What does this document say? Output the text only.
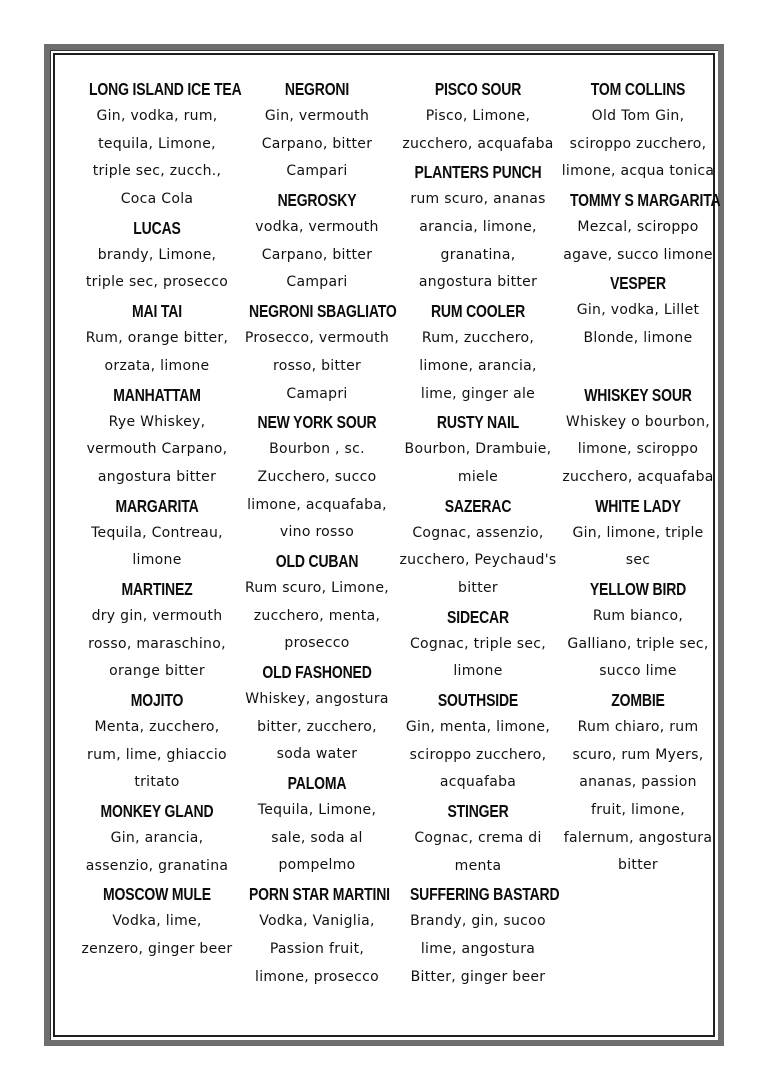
LONG ISLAND ICE TEA
Gin, vodka, rum,
tequila, Limone,
triple sec, zucch.,
Coca Cola
LUCAS
brandy, Limone,
triple sec, prosecco
MAI TAI
Rum, orange bitter,
orzata, limone
MANHATTAM
Rye Whiskey,
vermouth Carpano,
angostura bitter
MARGARITA
Tequila, Contreau,
limone
MARTINEZ
dry gin, vermouth
rosso, maraschino,
orange bitter
MOJITO
Menta, zucchero,
rum, lime, ghiaccio
tritato
MONKEY GLAND
Gin, arancia,
assenzio, granatina
MOSCOW MULE
Vodka, lime,
zenzero, ginger beer
NEGRONI
Gin, vermouth
Carpano, bitter
Campari
NEGROSKY
vodka, vermouth
Carpano, bitter
Campari
NEGRONI SBAGLIATO
Prosecco, vermouth
rosso, bitter
Camapri
NEW YORK SOUR
Bourbon , sc.
Zucchero, succo
limone, acquafaba,
vino rosso
OLD CUBAN
Rum scuro, Limone,
zucchero, menta,
prosecco
OLD FASHONED
Whiskey, angostura
bitter, zucchero,
soda water
PALOMA
Tequila, Limone,
sale, soda al
pompelmo
PORN STAR MARTINI
Vodka, Vaniglia,
Passion fruit,
limone, prosecco
PISCO SOUR
Pisco, Limone,
zucchero, acquafaba
PLANTERS PUNCH
rum scuro, ananas
arancia, limone,
granatina,
angostura bitter
RUM COOLER
Rum, zucchero,
limone, arancia,
lime, ginger ale
RUSTY NAIL
Bourbon, Drambuie,
miele
SAZERAC
Cognac, assenzio,
zucchero, Peychaud's
bitter
SIDECAR
Cognac, triple sec,
limone
SOUTHSIDE
Gin, menta, limone,
sciroppo zucchero,
acquafaba
STINGER
Cognac, crema di
menta
SUFFERING BASTARD
Brandy, gin, sucoo
lime, angostura
Bitter, ginger beer
TOM COLLINS
Old Tom Gin,
sciroppo zucchero,
limone, acqua tonica
TOMMY S MARGARITA
Mezcal, sciroppo
agave, succo limone
VESPER
Gin, vodka, Lillet
Blonde, limone
WHISKEY SOUR
Whiskey o bourbon,
limone, sciroppo
zucchero, acquafaba
WHITE LADY
Gin, limone, triple
sec
YELLOW BIRD
Rum bianco,
Galliano, triple sec,
succo lime
ZOMBIE
Rum chiaro, rum
scuro, rum Myers,
ananas, passion
fruit, limone,
falernum, angostura
bitter
